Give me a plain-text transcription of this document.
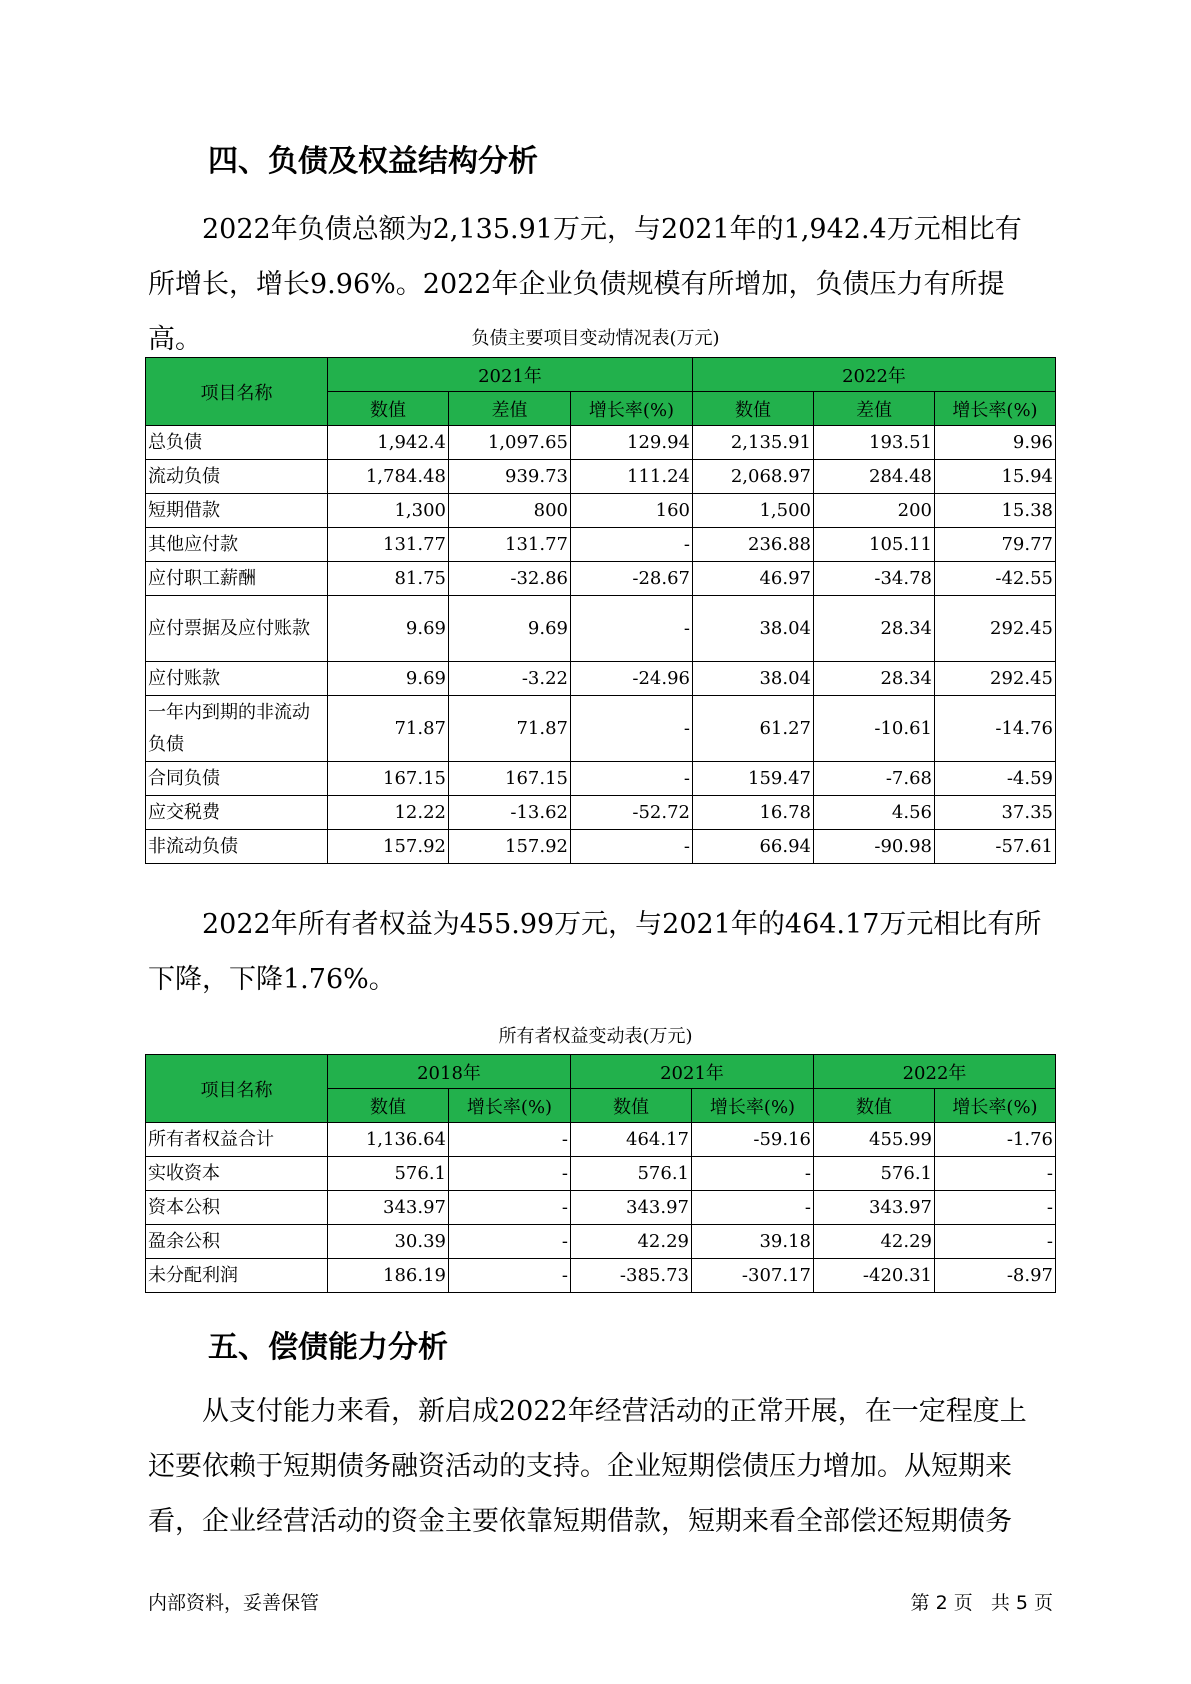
四、负债及权益结构分析

2022年负债总额为2,135.91万元，与2021年的1,942.4万元相比有所增长，增长9.96%。2022年企业负债规模有所增加，负债压力有所提高。	负债主要项目变动情况表(万元)

项目名称	2021年			2022年		
	数值	差值	增长率(%)	数值	差值	增长率(%)
总负债	1,942.4	1,097.65	129.94	2,135.91	193.51	9.96
流动负债	1,784.48	939.73	111.24	2,068.97	284.48	15.94
短期借款	1,300	800	160	1,500	200	15.38
其他应付款	131.77	131.77	-	236.88	105.11	79.77
应付职工薪酬	81.75	-32.86	-28.67	46.97	-34.78	-42.55
应付票据及应付账款	9.69	9.69	-	38.04	28.34	292.45
应付账款	9.69	-3.22	-24.96	38.04	28.34	292.45
一年内到期的非流动负债	71.87	71.87	-	61.27	-10.61	-14.76
合同负债	167.15	167.15	-	159.47	-7.68	-4.59
应交税费	12.22	-13.62	-52.72	16.78	4.56	37.35
非流动负债	157.92	157.92	-	66.94	-90.98	-57.61

2022年所有者权益为455.99万元，与2021年的464.17万元相比有所下降，下降1.76%。

所有者权益变动表(万元)

项目名称	2018年		2021年		2022年	
	数值	增长率(%)	数值	增长率(%)	数值	增长率(%)
所有者权益合计	1,136.64	-	464.17	-59.16	455.99	-1.76
实收资本	576.1	-	576.1	-	576.1	-
资本公积	343.97	-	343.97	-	343.97	-
盈余公积	30.39	-	42.29	39.18	42.29	-
未分配利润	186.19	-	-385.73	-307.17	-420.31	-8.97
五、偿债能力分析

从支付能力来看，新启成2022年经营活动的正常开展，在一定程度上还要依赖于短期债务融资活动的支持。企业短期偿债压力增加。从短期来看，企业经营活动的资金主要依靠短期借款，短期来看全部偿还短期债务

内部资料，妥善保管	第 2 页   共 5 页
